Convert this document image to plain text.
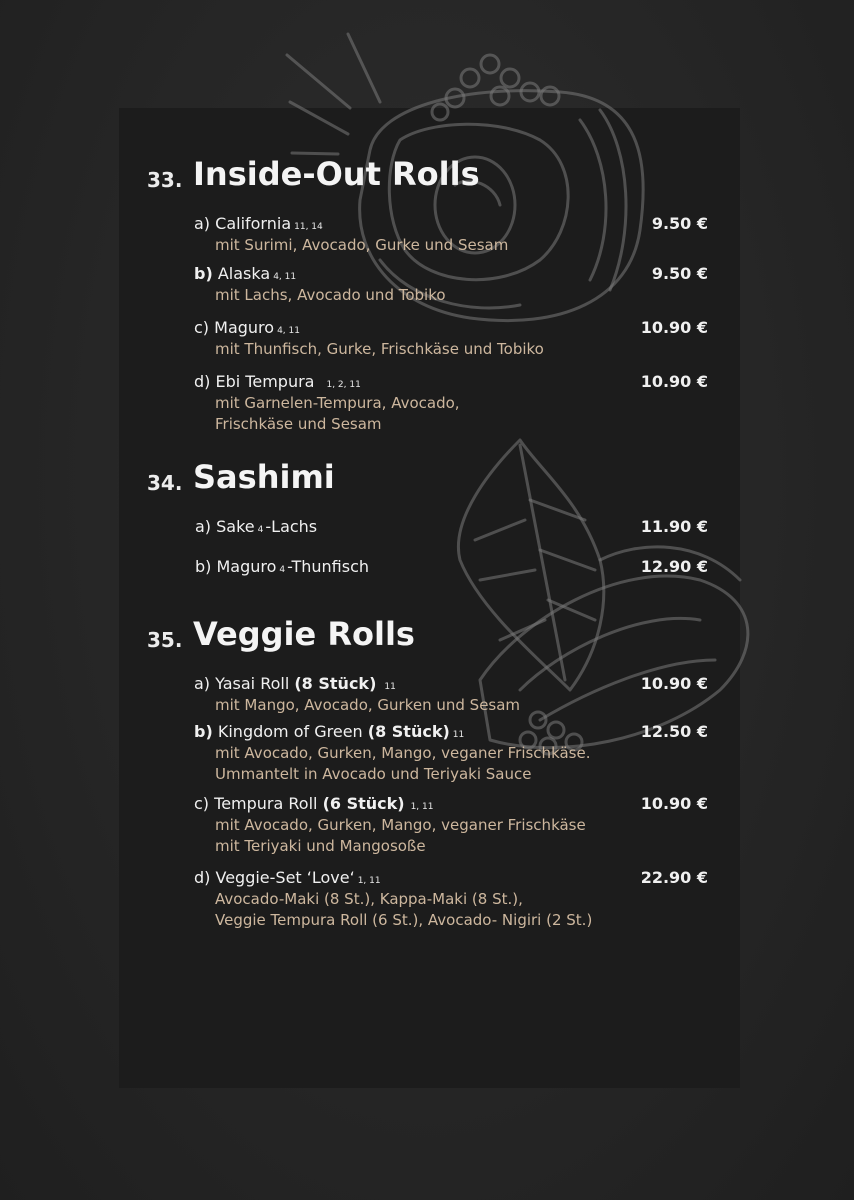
33. Inside-Out Rolls
a) California 11, 14
mit Surimi, Avocado, Gurke und Sesam
9.50 €
b) Alaska 4, 11
mit Lachs, Avocado und Tobiko
9.50 €
c) Maguro 4, 11
mit Thunfisch, Gurke, Frischkäse und Tobiko
10.90 €
d) Ebi Tempura 1, 2, 11
mit Garnelen-Tempura, Avocado,
Frischkäse und Sesam
10.90 €
34. Sashimi
a) Sake 4 -Lachs	11.90 €
b) Maguro 4 -Thunfisch	12.90 €
35. Veggie Rolls
a) Yasai Roll (8 Stück) 11
mit Mango, Avocado, Gurken und Sesam
10.90 €
b) Kingdom of Green (8 Stück) 11
mit Avocado, Gurken, Mango, veganer Frischkäse.
Ummantelt in Avocado und Teriyaki Sauce
12.50 €
c) Tempura Roll (6 Stück) 1, 11
mit Avocado, Gurken, Mango, veganer Frischkäse
mit Teriyaki und Mangosoße
10.90 €
d) Veggie-Set ‘Love‘ 1, 11
Avocado-Maki (8 St.), Kappa-Maki (8 St.),
Veggie Tempura Roll (6 St.), Avocado- Nigiri (2 St.)
22.90 €
